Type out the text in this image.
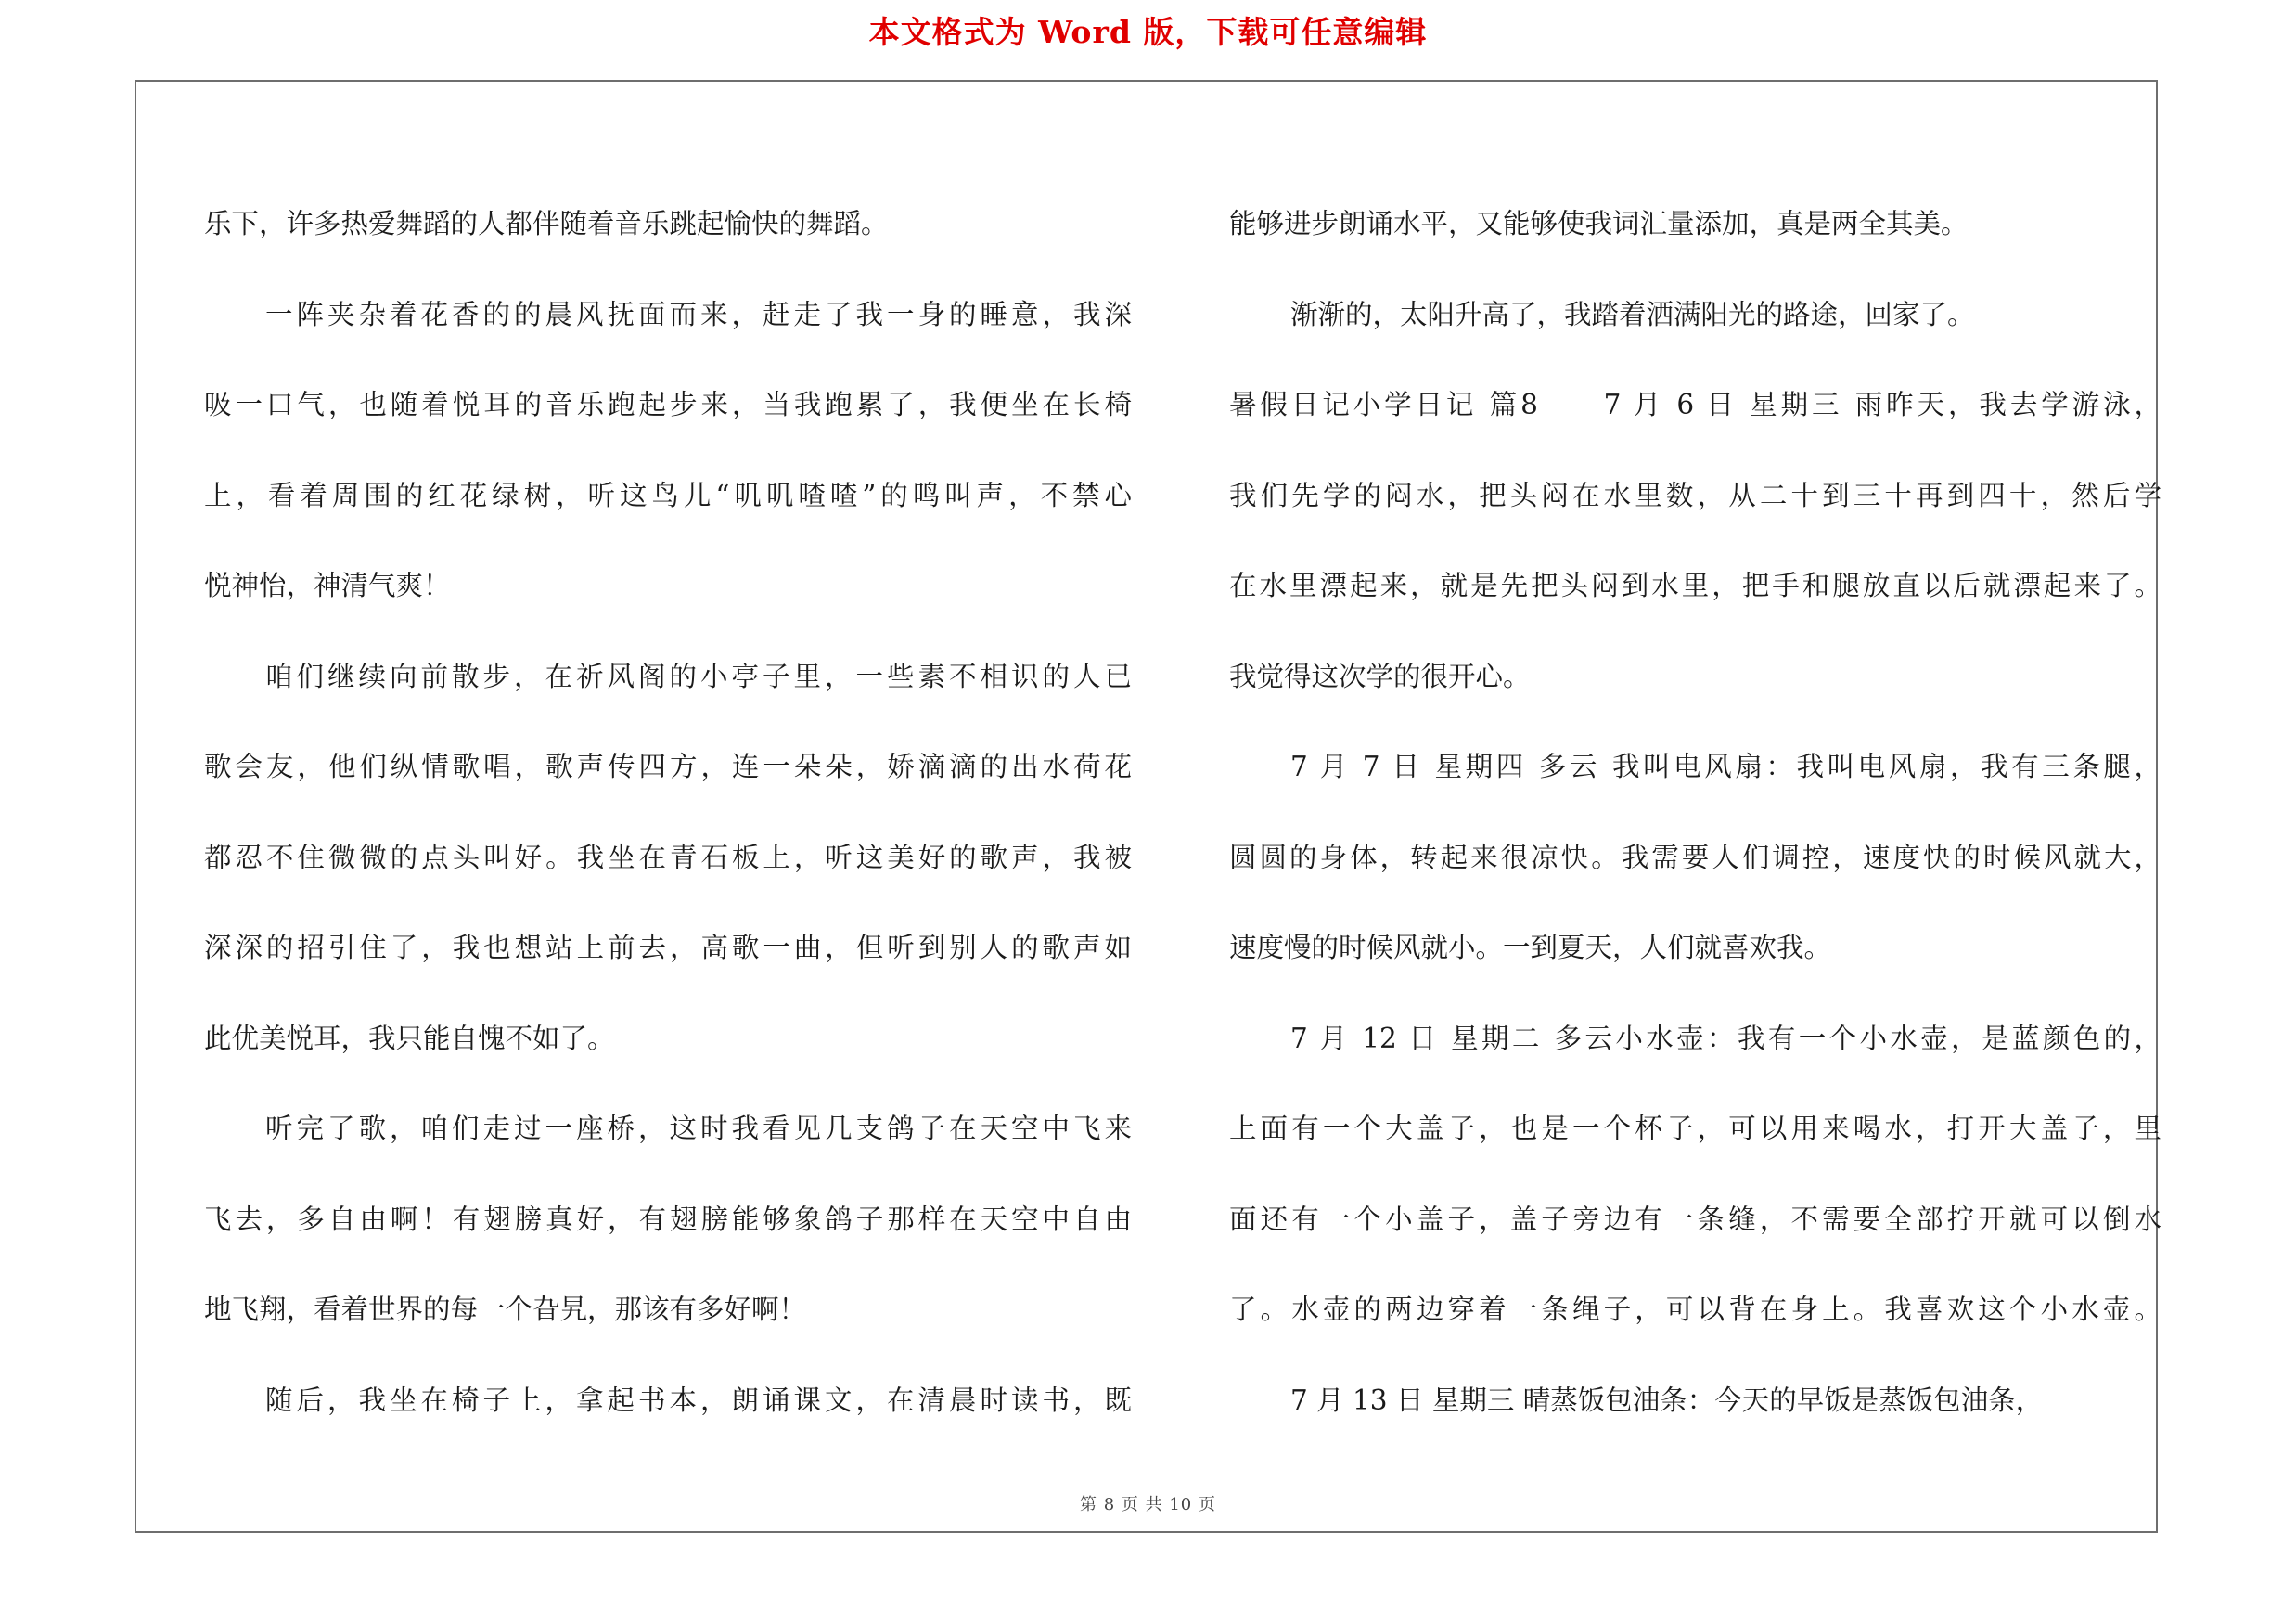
本文格式为 Word 版，下载可任意编辑
乐下，许多热爱舞蹈的人都伴随着音乐跳起愉快的舞蹈。
一阵夹杂着花香的的晨风抚面而来，赶走了我一身的睡意，我深
吸一口气，也随着悦耳的音乐跑起步来，当我跑累了，我便坐在长椅
上，看着周围的红花绿树，听这鸟儿“叽叽喳喳”的鸣叫声，不禁心
悦神怡，神清气爽！
咱们继续向前散步，在祈风阁的小亭子里，一些素不相识的人已
歌会友，他们纵情歌唱，歌声传四方，连一朵朵，娇滴滴的出水荷花
都忍不住微微的点头叫好。我坐在青石板上，听这美好的歌声，我被
深深的招引住了，我也想站上前去，高歌一曲，但听到别人的歌声如
此优美悦耳，我只能自愧不如了。
听完了歌，咱们走过一座桥，这时我看见几支鸽子在天空中飞来
飞去，多自由啊！有翅膀真好，有翅膀能够象鸽子那样在天空中自由
地飞翔，看着世界的每一个旮旯，那该有多好啊！
随后，我坐在椅子上，拿起书本，朗诵课文，在清晨时读书，既
能够进步朗诵水平，又能够使我词汇量添加，真是两全其美。
渐渐的，太阳升高了，我踏着洒满阳光的路途，回家了。
暑假日记小学日记 篇8　　7 月 6 日 星期三 雨昨天，我去学游泳，
我们先学的闷水，把头闷在水里数，从二十到三十再到四十，然后学
在水里漂起来，就是先把头闷到水里，把手和腿放直以后就漂起来了。
我觉得这次学的很开心。
7 月 7 日 星期四 多云 我叫电风扇：我叫电风扇，我有三条腿，
圆圆的身体，转起来很凉快。我需要人们调控，速度快的时候风就大，
速度慢的时候风就小。一到夏天，人们就喜欢我。
7 月 12 日 星期二 多云小水壶：我有一个小水壶，是蓝颜色的，
上面有一个大盖子，也是一个杯子，可以用来喝水，打开大盖子，里
面还有一个小盖子，盖子旁边有一条缝，不需要全部拧开就可以倒水
了。水壶的两边穿着一条绳子，可以背在身上。我喜欢这个小水壶。
7 月 13 日 星期三 晴蒸饭包油条：今天的早饭是蒸饭包油条，
第 8 页 共 10 页
